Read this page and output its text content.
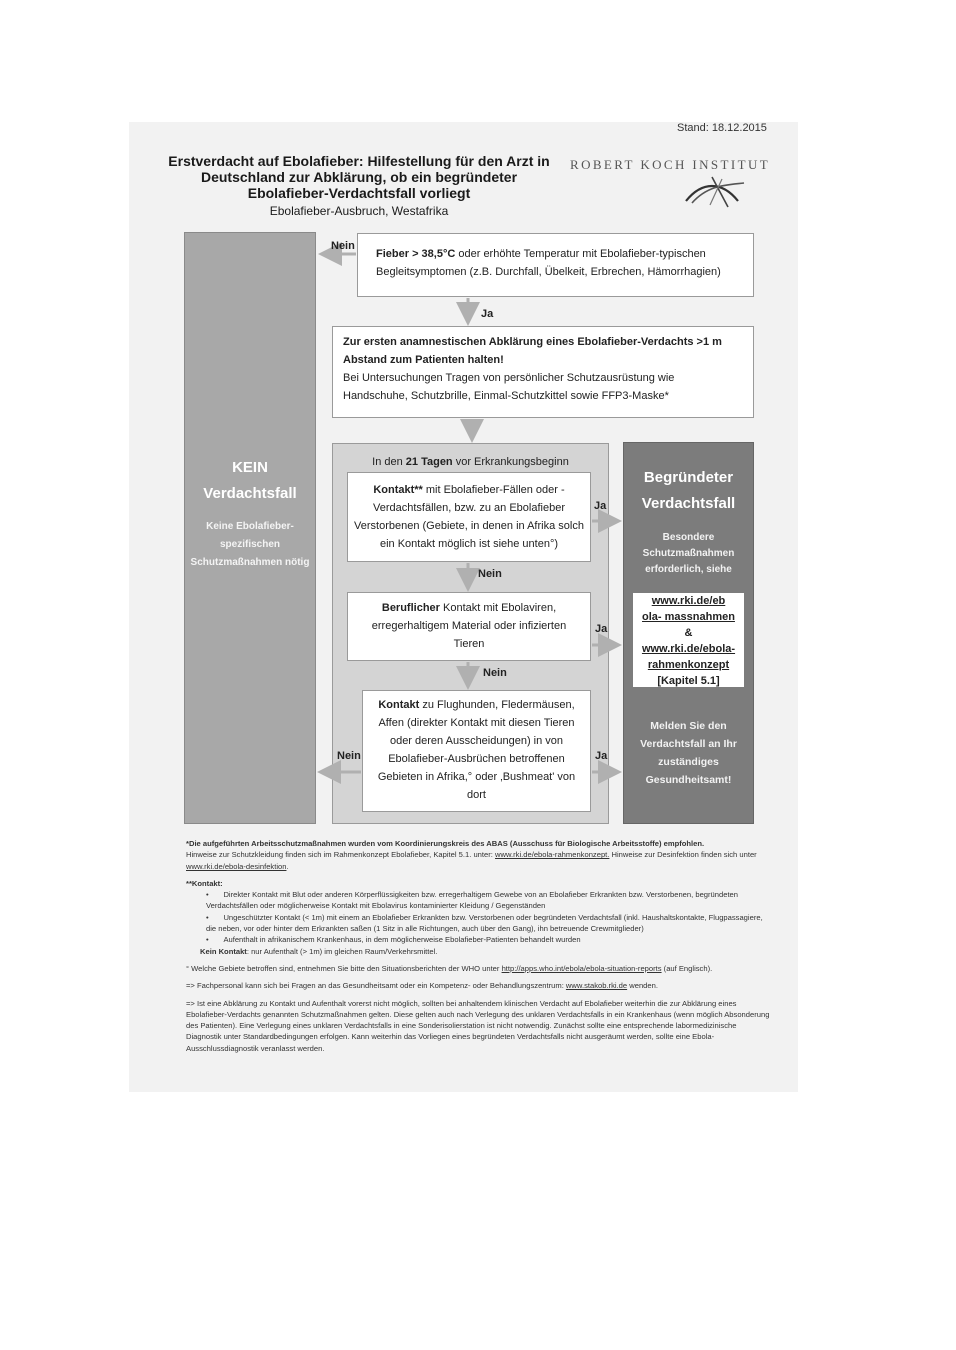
Stand: 18.12.2015
Erstverdacht auf Ebolafieber: Hilfestellung für den Arzt in Deutschland zur Abklärung, ob ein begründeter Ebolafieber-Verdachtsfall vorliegt
Ebolafieber-Ausbruch, Westafrika
ROBERT KOCH INSTITUT
KEIN
Verdachtsfall
Keine Ebolafieber-spezifischen Schutzmaßnahmen nötig
Begründeter
Verdachtsfall
Besondere Schutzmaßnahmen erforderlich, siehe
www.rki.de/eb
ola- massnahmen
&
www.rki.de/ebola-
rahmenkonzept
[Kapitel 5.1]
Melden Sie den Verdachtsfall an Ihr zuständiges Gesundheitsamt!
Fieber > 38,5°C oder erhöhte Temperatur mit Ebolafieber-typischen Begleitsymptomen (z.B. Durchfall, Übelkeit, Erbrechen, Hämorrhagien)
Zur ersten anamnestischen Abklärung eines Ebolafieber-Verdachts >1 m Abstand zum Patienten halten!
Bei Untersuchungen Tragen von persönlicher Schutzausrüstung wie Handschuhe, Schutzbrille, Einmal-Schutzkittel sowie FFP3-Maske*
In den 21 Tagen vor Erkrankungsbeginn
Kontakt** mit Ebolafieber-Fällen oder -Verdachtsfällen, bzw. zu an Ebolafieber Verstorbenen (Gebiete, in denen in Afrika solch ein Kontakt möglich ist siehe unten°)
Beruflicher Kontakt mit Ebolaviren, erregerhaltigem Material oder infizierten Tieren
Kontakt zu Flughunden, Fledermäusen, Affen (direkter Kontakt mit diesen Tieren oder deren Ausscheidungen) in von Ebolafieber-Ausbrüchen betroffenen Gebieten in Afrika,° oder ‚Bushmeat' von dort
Nein
Ja
Ja
Nein
Ja
Nein
Nein	Ja

*Die aufgeführten Arbeitsschutzmaßnahmen wurden vom Koordinierungskreis des ABAS (Ausschuss für Biologische Arbeitsstoffe) empfohlen.

Hinweise zur Schutzkleidung finden sich im Rahmenkonzept Ebolafieber, Kapitel 5.1. unter: www.rki.de/ebola-rahmenkonzept. Hinweise zur Desinfektion finden sich unter www.rki.de/ebola-desinfektion.

**Kontakt:

•       Direkter Kontakt mit Blut oder anderen Körperflüssigkeiten bzw. erregerhaltigem Gewebe von an Ebolafieber Erkrankten bzw. Verstorbenen, begründeten Verdachtsfällen oder möglicherweise Kontakt mit Ebolavirus kontaminierter Kleidung / Gegenständen

•       Ungeschützter Kontakt (< 1m) mit einem an Ebolafieber Erkrankten bzw. Verstorbenen oder begründeten Verdachtsfall (inkl. Haushaltskontakte, Flugpassagiere, die neben, vor oder hinter dem Erkrankten saßen (1 Sitz in alle Richtungen, auch über den Gang), ihn betreuende Crewmitglieder)

•       Aufenthalt in afrikanischem Krankenhaus, in dem möglicherweise Ebolafieber-Patienten behandelt wurden

Kein Kontakt: nur Aufenthalt (> 1m) im gleichen Raum/Verkehrsmittel.

° Welche Gebiete betroffen sind, entnehmen Sie bitte den Situationsberichten der WHO unter http://apps.who.int/ebola/ebola-situation-reports (auf Englisch).

=> Fachpersonal kann sich bei Fragen an das Gesundheitsamt oder ein Kompetenz- oder Behandlungszentrum: www.stakob.rki.de wenden.

=> Ist eine Abklärung zu Kontakt und Aufenthalt vorerst nicht möglich, sollten bei anhaltendem klinischen Verdacht auf Ebolafieber weiterhin die zur Abklärung eines Ebolafieber-Verdachts genannten Schutzmaßnahmen gelten. Diese gelten auch nach Verlegung des unklaren Verdachtsfalls in ein Krankenhaus (wenn möglich Absonderung des Patienten). Eine Verlegung eines unklaren Verdachtsfalls in eine Sonderisolierstation ist nicht notwendig. Zunächst sollte eine entsprechende labormedizinische Diagnostik unter Standardbedingungen erfolgen. Kann weiterhin das Vorliegen eines begründeten Verdachtsfalls nicht ausgeräumt werden, sollte eine Ebola-Ausschlussdiagnostik veranlasst werden.
